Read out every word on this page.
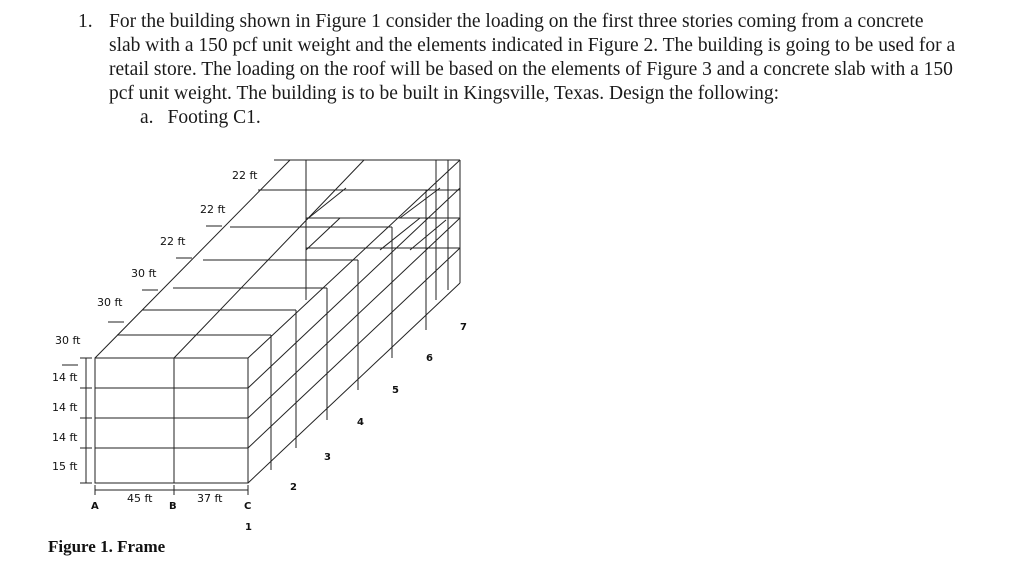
1. For the building shown in Figure 1 consider the loading on the first three stories coming from a concrete
slab with a 150 pcf unit weight and the elements indicated in Figure 2. The building is going to be used for a
retail store. The loading on the roof will be based on the elements of Figure 3 and a concrete slab with a 150
pcf unit weight. The building is to be built in Kingsville, Texas. Design the following:
a. Footing C1.
30 ft
30 ft
30 ft
22 ft
22 ft
22 ft
14 ft
14 ft
14 ft
15 ft
45 ft	37 ft
A	B	C
1
2
3
4
5
6
7
Figure 1. Frame
